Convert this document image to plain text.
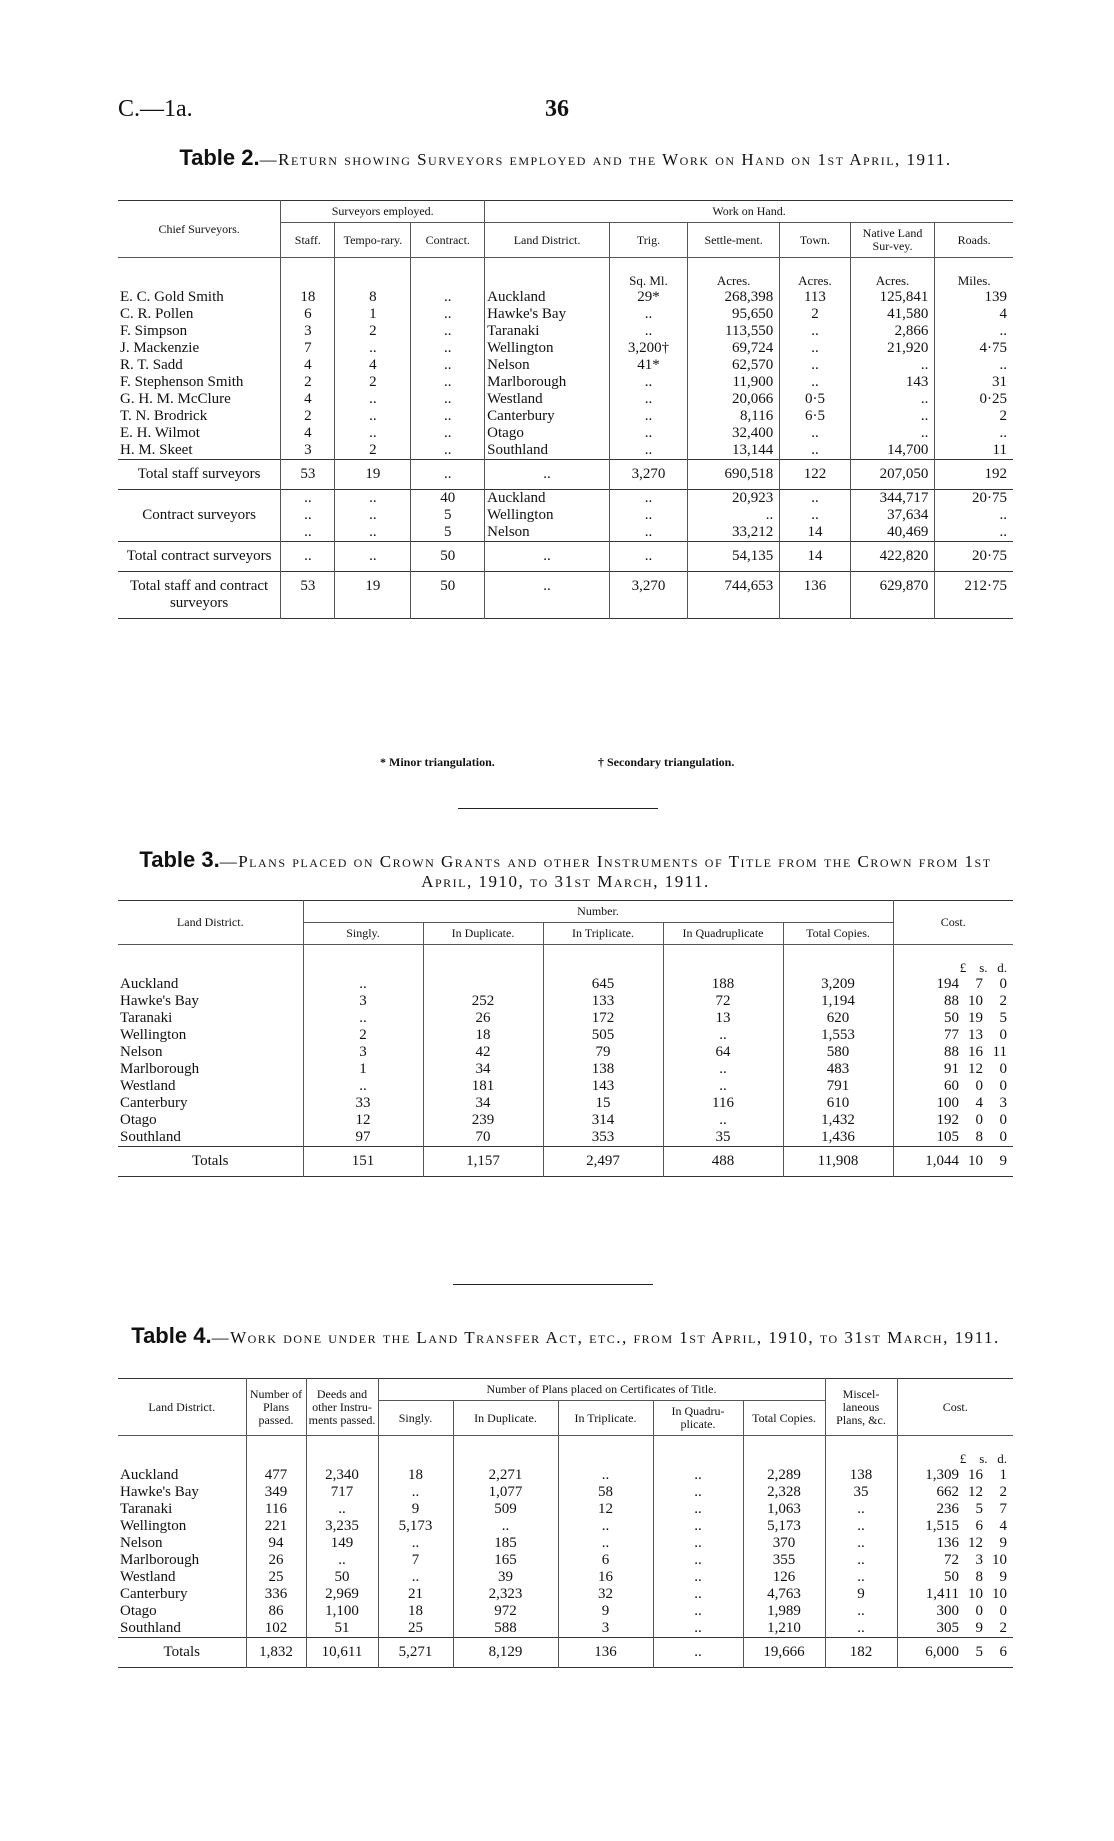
C.—1a.	36
Table 2.—Return showing Surveyors employed and the Work on Hand on 1st April, 1911.
Chief Surveyors.	Surveyors employed.			Work on Hand.					
	Staff.	Tempo-rary.	Contract.	Land District.	Trig.	Settle-ment.	Town.	Native Land Sur-vey.	Roads.
					Sq. Ml.	Acres.	Acres.	Acres.	Miles.
E. C. Gold Smith	18	8	..	Auckland	29*	268,398	113	125,841	139
C. R. Pollen	6	1	..	Hawke's Bay	..	95,650	2	41,580	4
F. Simpson	3	2	..	Taranaki	..	113,550	..	2,866	..
J. Mackenzie	7	..	..	Wellington	3,200†	69,724	..	21,920	4·75
R. T. Sadd	4	4	..	Nelson	41*	62,570	..	..	..
F. Stephenson Smith	2	2	..	Marlborough	..	11,900	..	143	31
G. H. M. McClure	4	..	..	Westland	..	20,066	0·5	..	0·25
T. N. Brodrick	2	..	..	Canterbury	..	8,116	6·5	..	2
E. H. Wilmot	4	..	..	Otago	..	32,400	..	..	..
H. M. Skeet	3	2	..	Southland	..	13,144	..	14,700	11
Total staff surveyors	53	19	..	..	3,270	690,518	122	207,050	192
Contract surveyors	..	..	40	Auckland	..	20,923	..	344,717	20·75
	..	..	5	Wellington	..	..	..	37,634	..
	..	..	5	Nelson	..	33,212	14	40,469	..
Total contract surveyors	..	..	50	..	..	54,135	14	422,820	20·75
Total staff and contract surveyors	53	19	50	..	3,270	744,653	136	629,870	212·75
* Minor triangulation.	† Secondary triangulation.
Table 3.—Plans placed on Crown Grants and other Instruments of Title from the Crown from 1st April, 1910, to 31st March, 1911.
Land District.	Number.					Cost.
	Singly.	In Duplicate.	In Triplicate.	In Quadruplicate	Total Copies.	
						£ s. d.
Auckland	..		645	188	3,209	194 7 0
Hawke's Bay	3	252	133	72	1,194	88 10 2
Taranaki	..	26	172	13	620	50 19 5
Wellington	2	18	505	..	1,553	77 13 0
Nelson	3	42	79	64	580	88 16 11
Marlborough	1	34	138	..	483	91 12 0
Westland	..	181	143	..	791	60 0 0
Canterbury	33	34	15	116	610	100 4 3
Otago	12	239	314	..	1,432	192 0 0
Southland	97	70	353	35	1,436	105 8 0
Totals	151	1,157	2,497	488	11,908	1,044 10 9
Table 4.—Work done under the Land Transfer Act, etc., from 1st April, 1910, to 31st March, 1911.
Land District.	Number of Plans passed.	Deeds and other Instru-ments passed.	Number of Plans placed on Certificates of Title.					Miscel-laneous Plans, &c.	Cost.
			Singly.	In Duplicate.	In Triplicate.	In Quadru-plicate.	Total Copies.		
									£ s. d.
Auckland	477	2,340	18	2,271	..	..	2,289	138	1,309 16 1
Hawke's Bay	349	717	..	1,077	58	..	2,328	35	662 12 2
Taranaki	116	..	9	509	12	..	1,063	..	236 5 7
Wellington	221	3,235	5,173	..	..	..	5,173	..	1,515 6 4
Nelson	94	149	..	185	..	..	370	..	136 12 9
Marlborough	26	..	7	165	6	..	355	..	72 3 10
Westland	25	50	..	39	16	..	126	..	50 8 9
Canterbury	336	2,969	21	2,323	32	..	4,763	9	1,411 10 10
Otago	86	1,100	18	972	9	..	1,989	..	300 0 0
Southland	102	51	25	588	3	..	1,210	..	305 9 2
Totals	1,832	10,611	5,271	8,129	136	..	19,666	182	6,000 5 6
